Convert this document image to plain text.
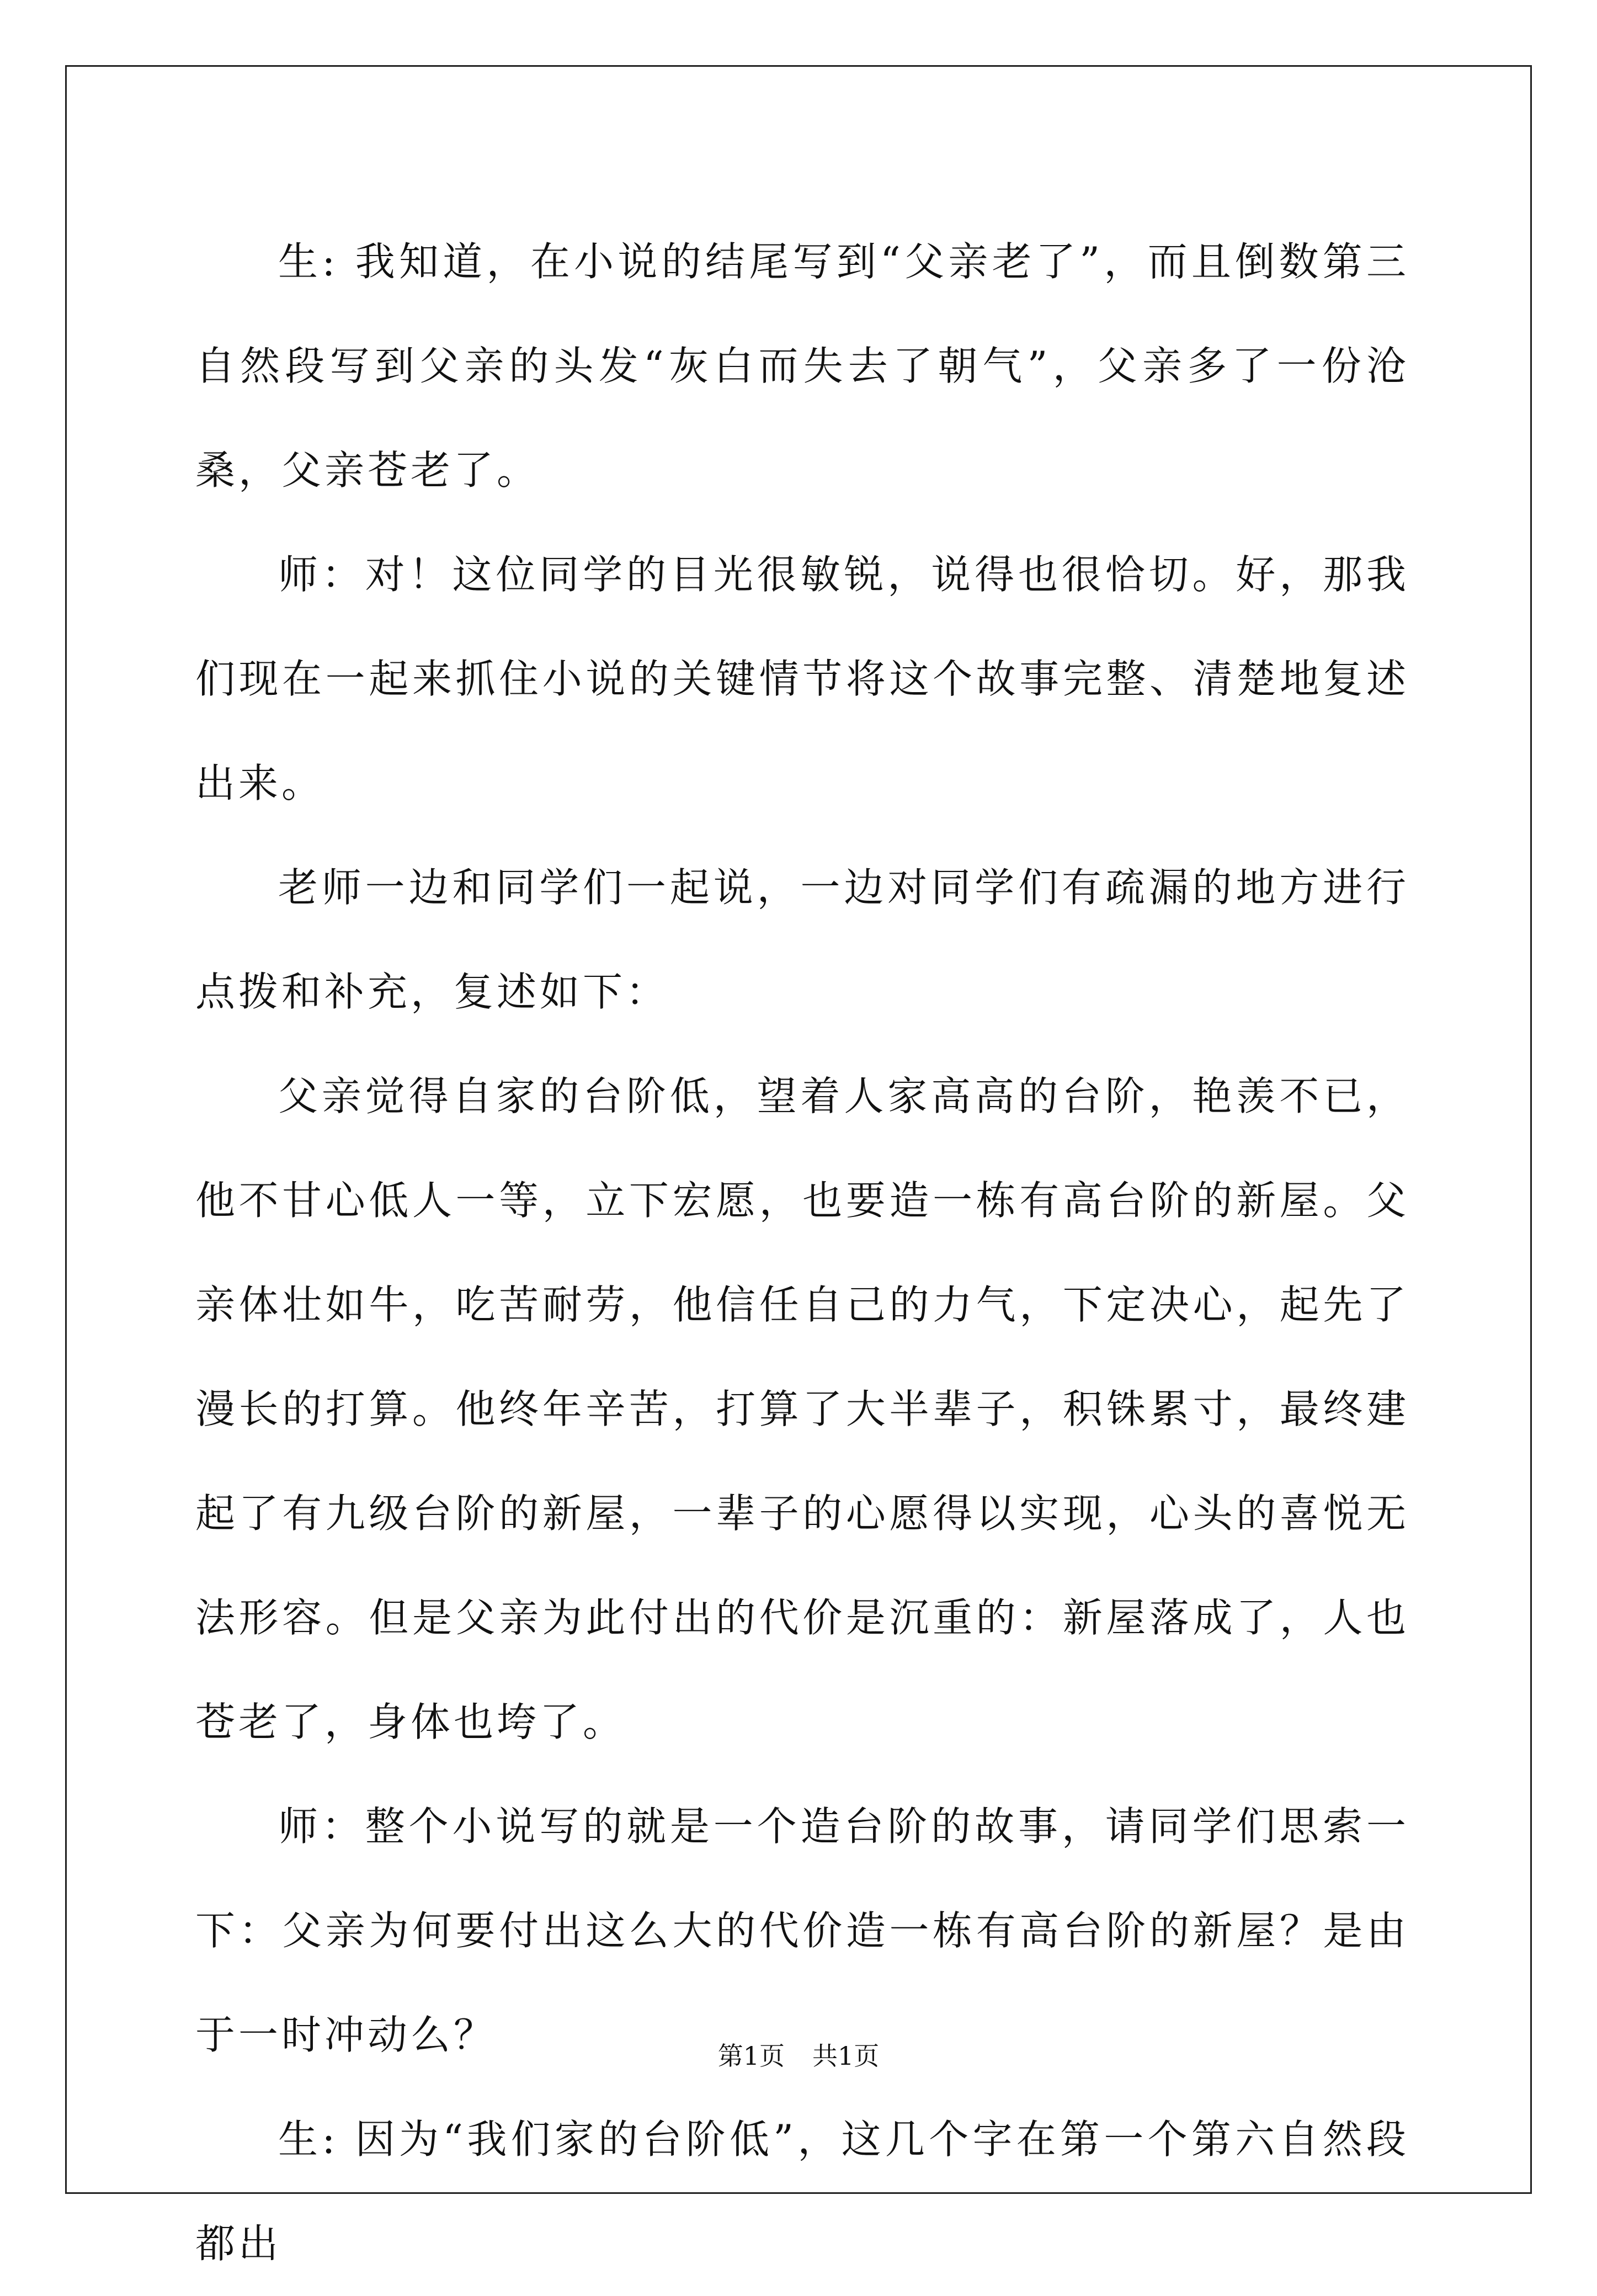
生: 我知道，在小说的结尾写到“父亲老了”，而且倒数第三自然段写到父亲的头发“灰白而失去了朝气”，父亲多了一份沧桑，父亲苍老了。

师：对！这位同学的目光很敏锐，说得也很恰切。好，那我们现在一起来抓住小说的关键情节将这个故事完整、清楚地复述出来。

老师一边和同学们一起说，一边对同学们有疏漏的地方进行点拨和补充，复述如下：

父亲觉得自家的台阶低，望着人家高高的台阶，艳羡不已，他不甘心低人一等，立下宏愿，也要造一栋有高台阶的新屋。父亲体壮如牛，吃苦耐劳，他信任自己的力气，下定决心，起先了漫长的打算。他终年辛苦，打算了大半辈子，积铢累寸，最终建起了有九级台阶的新屋，一辈子的心愿得以实现，心头的喜悦无法形容。但是父亲为此付出的代价是沉重的：新屋落成了，人也苍老了，身体也垮了。

师：整个小说写的就是一个造台阶的故事，请同学们思索一下：父亲为何要付出这么大的代价造一栋有高台阶的新屋？是由于一时冲动么？

生: 因为“我们家的台阶低”，这几个字在第一个第六自然段都出

第1页 共1页
